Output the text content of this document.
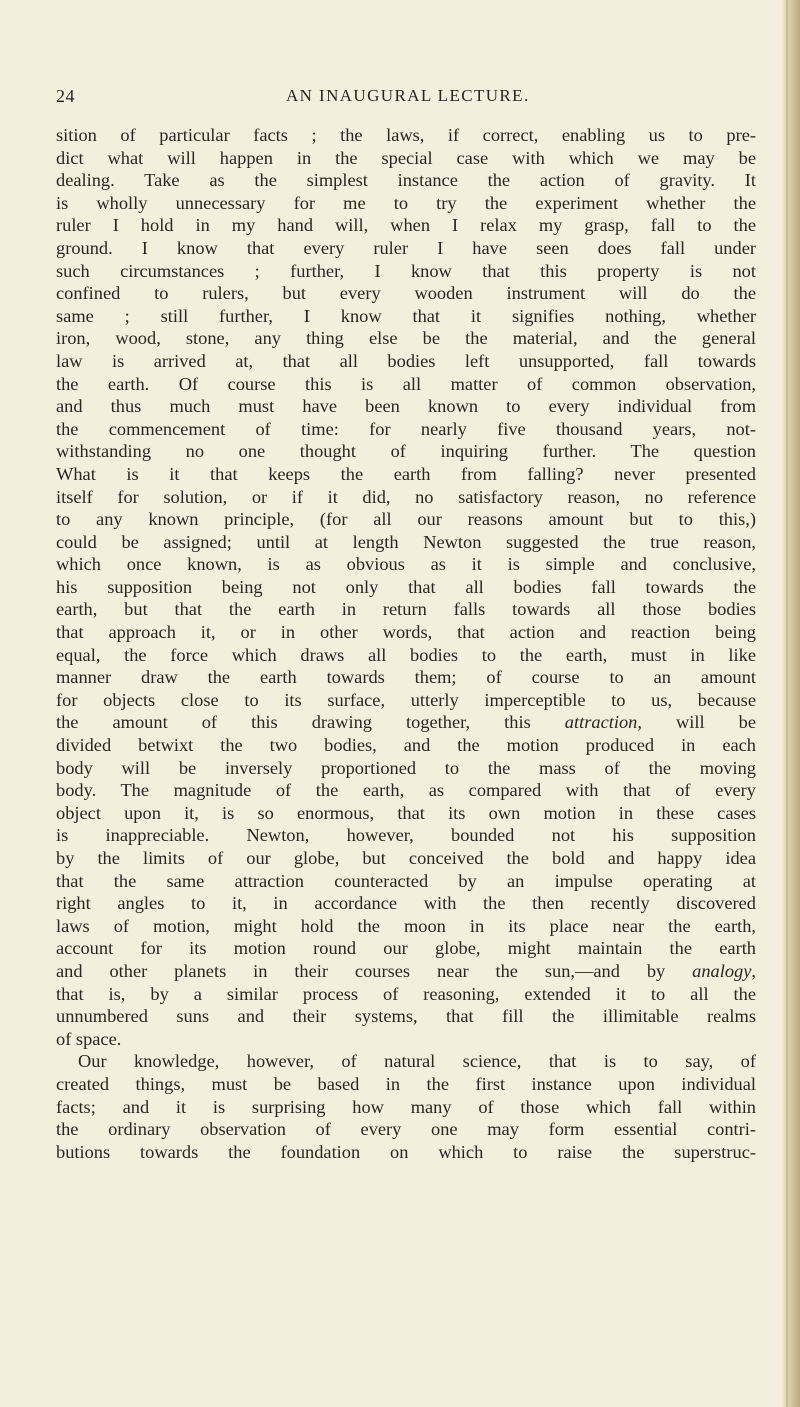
24	AN INAUGURAL LECTURE.
sition of particular facts ; the laws, if correct, enabling us to pre-
dict what will happen in the special case with which we may be
dealing. Take as the simplest instance the action of gravity. It
is wholly unnecessary for me to try the experiment whether the
ruler I hold in my hand will, when I relax my grasp, fall to the
ground. I know that every ruler I have seen does fall under
such circumstances ; further, I know that this property is not
confined to rulers, but every wooden instrument will do the
same ; still further, I know that it signifies nothing, whether
iron, wood, stone, any thing else be the material, and the general
law is arrived at, that all bodies left unsupported, fall towards
the earth. Of course this is all matter of common observation,
and thus much must have been known to every individual from
the commencement of time: for nearly five thousand years, not-
withstanding no one thought of inquiring further. The question
What is it that keeps the earth from falling? never presented
itself for solution, or if it did, no satisfactory reason, no reference
to any known principle, (for all our reasons amount but to this,)
could be assigned; until at length Newton suggested the true reason,
which once known, is as obvious as it is simple and conclusive,
his supposition being not only that all bodies fall towards the
earth, but that the earth in return falls towards all those bodies
that approach it, or in other words, that action and reaction being
equal, the force which draws all bodies to the earth, must in like
manner draw the earth towards them; of course to an amount
for objects close to its surface, utterly imperceptible to us, because
the amount of this drawing together, this attraction, will be
divided betwixt the two bodies, and the motion produced in each
body will be inversely proportioned to the mass of the moving
body. The magnitude of the earth, as compared with that of every
object upon it, is so enormous, that its own motion in these cases
is inappreciable. Newton, however, bounded not his supposition
by the limits of our globe, but conceived the bold and happy idea
that the same attraction counteracted by an impulse operating at
right angles to it, in accordance with the then recently discovered
laws of motion, might hold the moon in its place near the earth,
account for its motion round our globe, might maintain the earth
and other planets in their courses near the sun,—and by analogy,
that is, by a similar process of reasoning, extended it to all the
unnumbered suns and their systems, that fill the illimitable realms
of space.
Our knowledge, however, of natural science, that is to say, of
created things, must be based in the first instance upon individual
facts; and it is surprising how many of those which fall within
the ordinary observation of every one may form essential contri-
butions towards the foundation on which to raise the superstruc-
